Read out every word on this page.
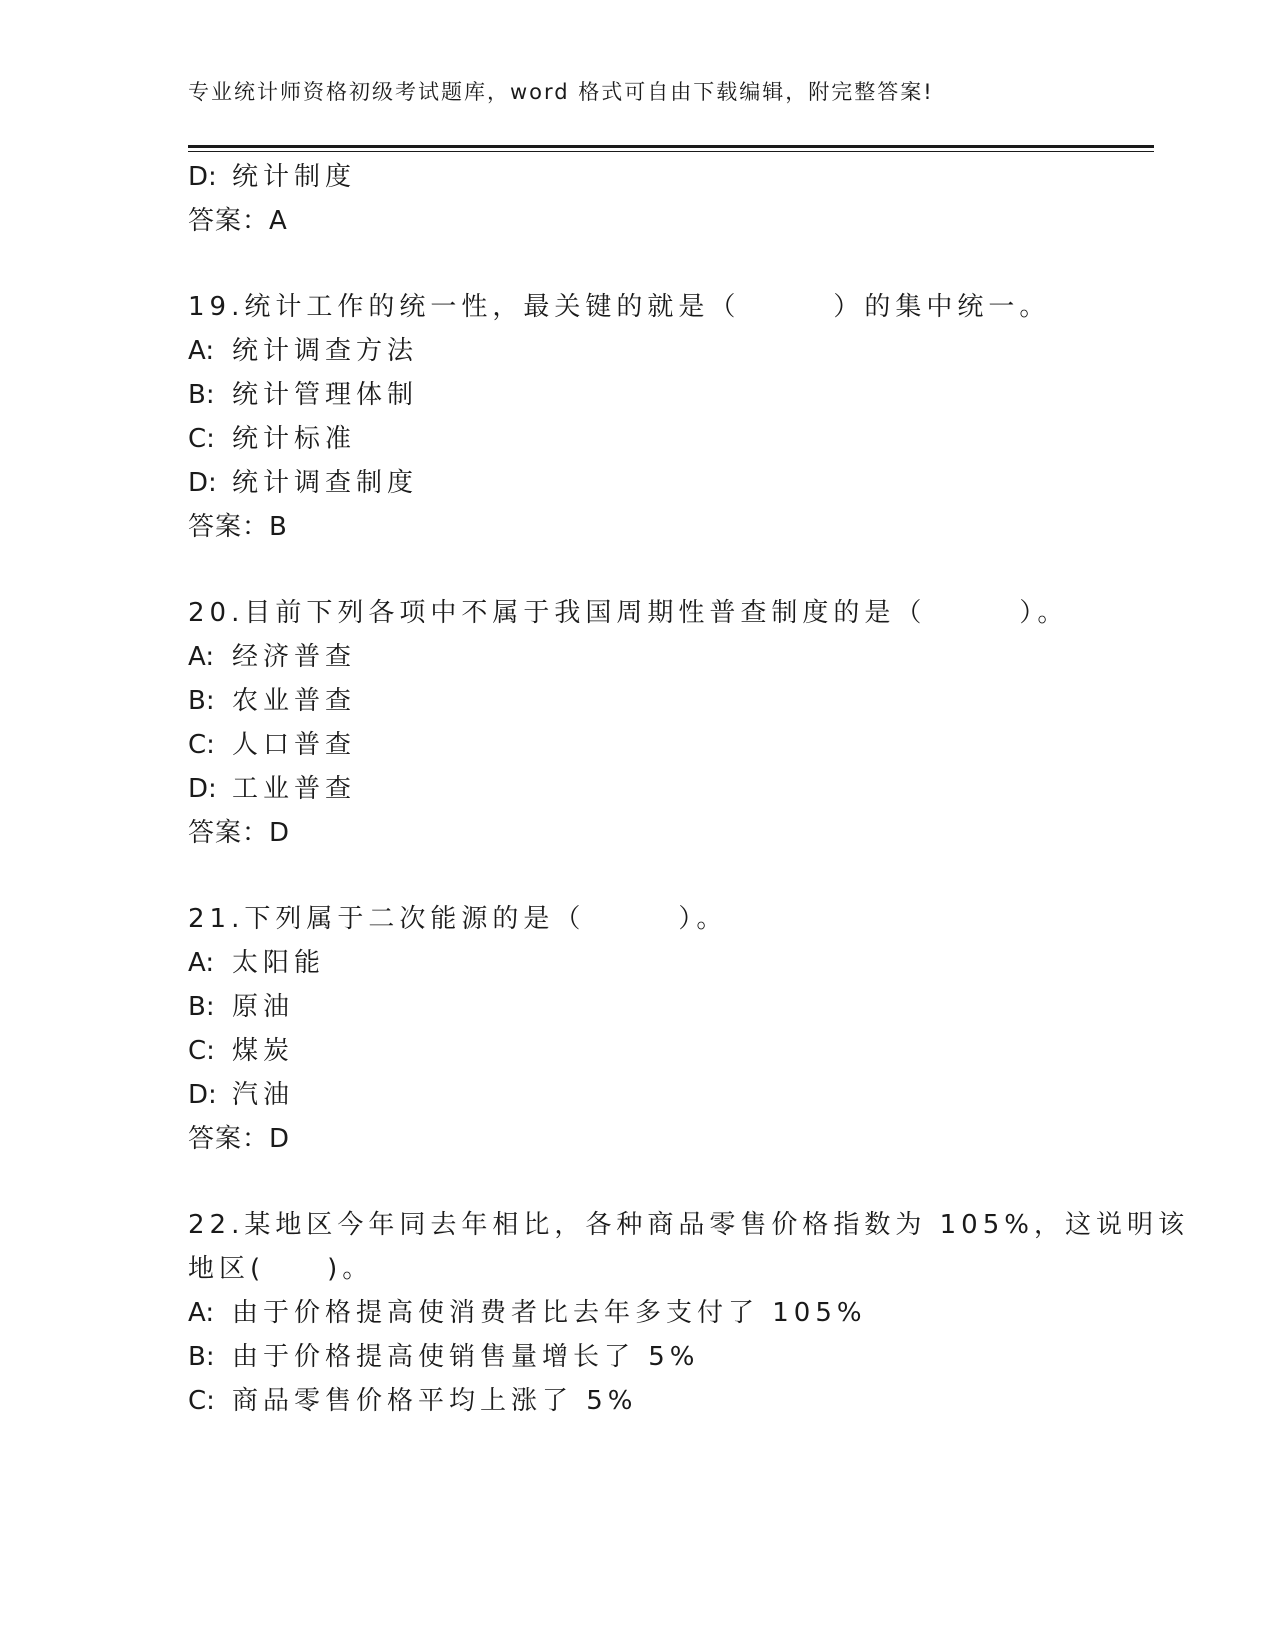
专业统计师资格初级考试题库，word 格式可自由下载编辑，附完整答案!
D: 统计制度
答案：A
19.统计工作的统一性，最关键的就是（　　　）的集中统一。
A: 统计调查方法
B: 统计管理体制
C: 统计标准
D: 统计调查制度
答案：B
20.目前下列各项中不属于我国周期性普查制度的是（　　　）。
A: 经济普查
B: 农业普查
C: 人口普查
D: 工业普查
答案：D
21.下列属于二次能源的是（　　　）。
A: 太阳能
B: 原油
C: 煤炭
D: 汽油
答案：D
22.某地区今年同去年相比，各种商品零售价格指数为 105%，这说明该
地区(　　)。
A: 由于价格提高使消费者比去年多支付了 105%
B: 由于价格提高使销售量增长了 5%
C: 商品零售价格平均上涨了 5%
